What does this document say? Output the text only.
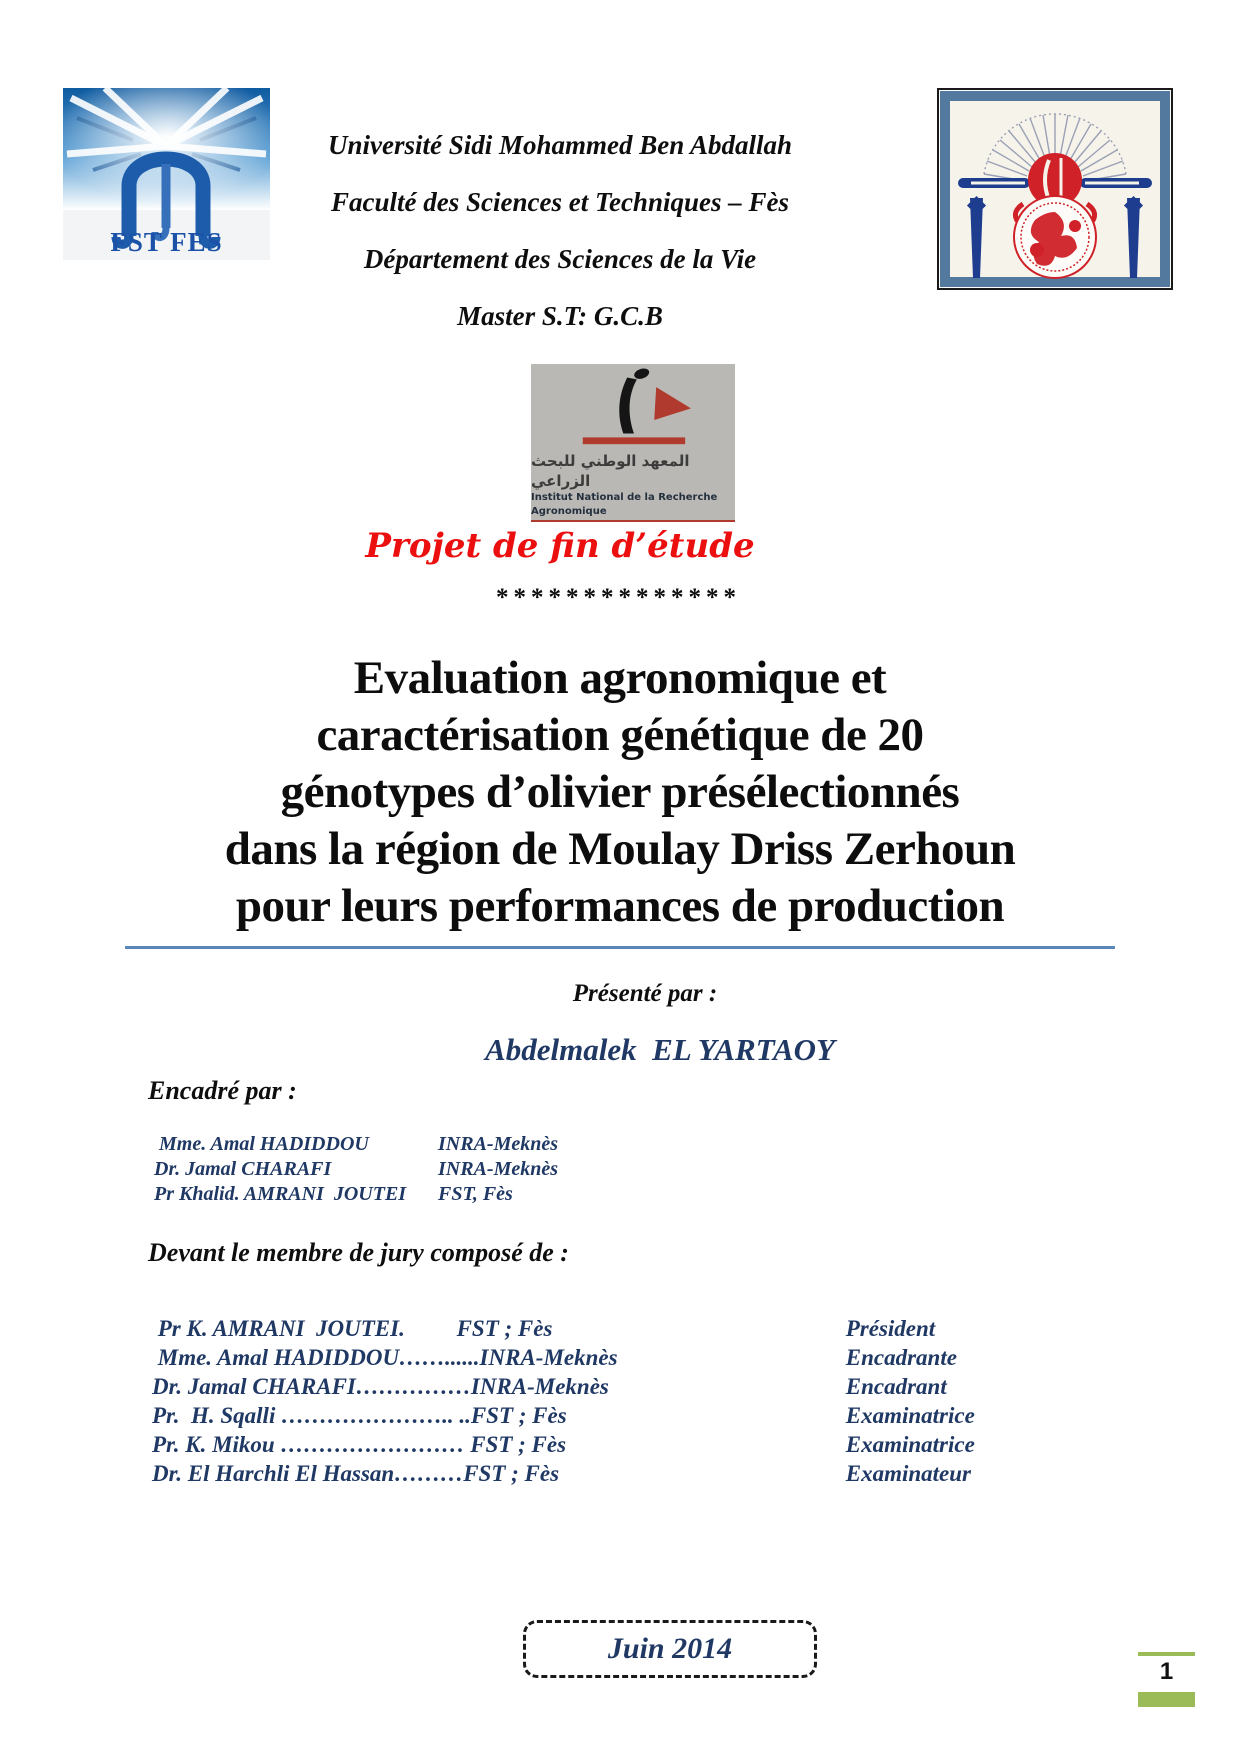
FST FES
Université Sidi Mohammed Ben Abdallah
Faculté des Sciences et Techniques – Fès
Département des Sciences de la Vie
Master S.T: G.C.B
المعهد الوطني للبحث الزراعي
Institut National de la Recherche Agronomique
Projet de fin d’étude
**************
Evaluation agronomique et
caractérisation génétique de 20
génotypes d’olivier présélectionnés
dans la région de Moulay Driss Zerhoun
pour leurs performances de production
Présenté par :
Abdelmalek  EL YARTAOY
Encadré par :
Mme. Amal HADIDDOU	INRA-Meknès
Dr. Jamal CHARAFI	INRA-Meknès
Pr Khalid. AMRANI  JOUTEI	FST, Fès
Devant le membre de jury composé de :
Pr K. AMRANI  JOUTEI.         FST ; Fès	Président
Mme. Amal HADIDDOU……......INRA-Meknès	Encadrante
Dr. Jamal CHARAFI……………INRA-Meknès	Encadrant
Pr.  H. Sqalli ………………….. ..FST ; Fès	Examinatrice
Pr. K. Mikou …………………… FST ; Fès	Examinatrice
Dr. El Harchli El Hassan………FST ; Fès	Examinateur
Juin 2014
1
